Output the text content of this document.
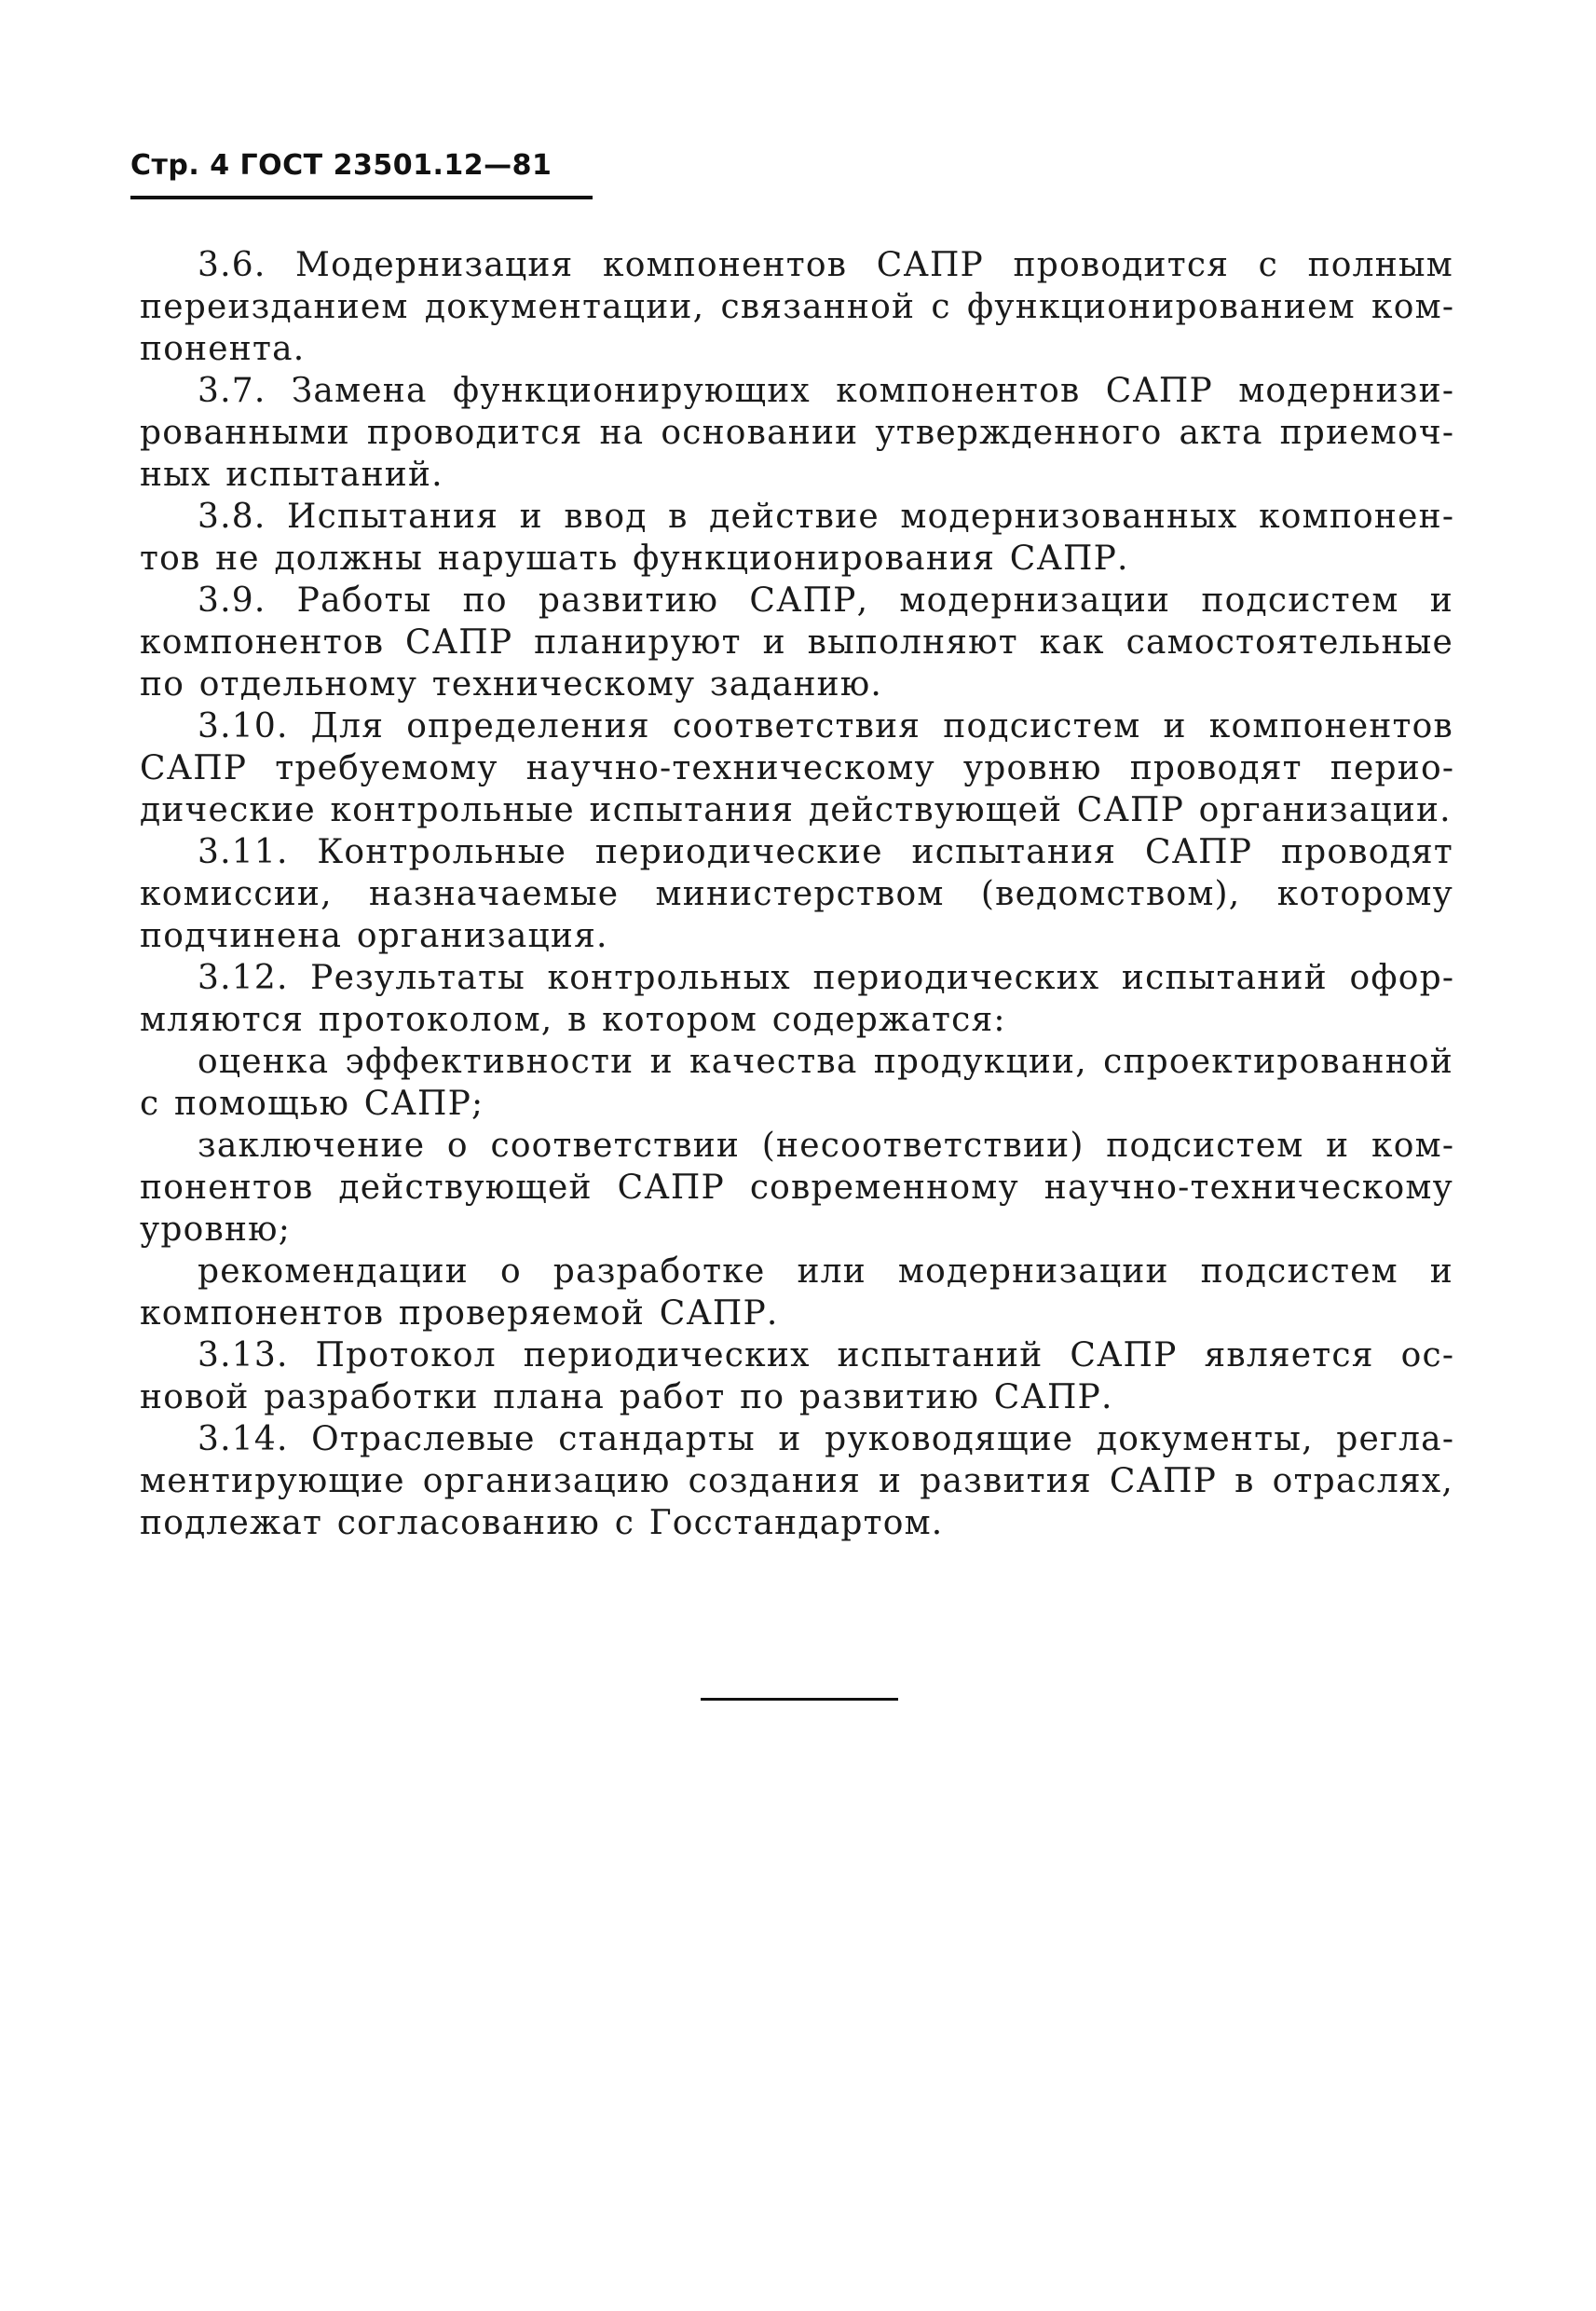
Стр. 4 ГОСТ 23501.12—81

3.6. Модернизация компонентов САПР проводится с полным переизданием документации, связанной с функционированием компонента.

3.7. Замена функционирующих компонентов САПР модернизированными проводится на основании утвержденного акта приемочных испытаний.

3.8. Испытания и ввод в действие модернизованных компонентов не должны нарушать функционирования САПР.

3.9. Работы по развитию САПР, модернизации подсистем и компонентов САПР планируют и выполняют как самостоятельные по отдельному техническому заданию.

3.10. Для определения соответствия подсистем и компонентов САПР требуемому научно-техническому уровню проводят периодические контрольные испытания действующей САПР организации.

3.11. Контрольные периодические испытания САПР проводят комиссии, назначаемые министерством (ведомством), которому подчинена организация.

3.12. Результаты контрольных периодических испытаний оформляются протоколом, в котором содержатся:

оценка эффективности и качества продукции, спроектированной с помощью САПР;

заключение о соответствии (несоответствии) подсистем и компонентов действующей САПР современному научно-техническому уровню;

рекомендации о разработке или модернизации подсистем и компонентов проверяемой САПР.

3.13. Протокол периодических испытаний САПР является основой разработки плана работ по развитию САПР.

3.14. Отраслевые стандарты и руководящие документы, регламентирующие организацию создания и развития САПР в отраслях, подлежат согласованию с Госстандартом.
